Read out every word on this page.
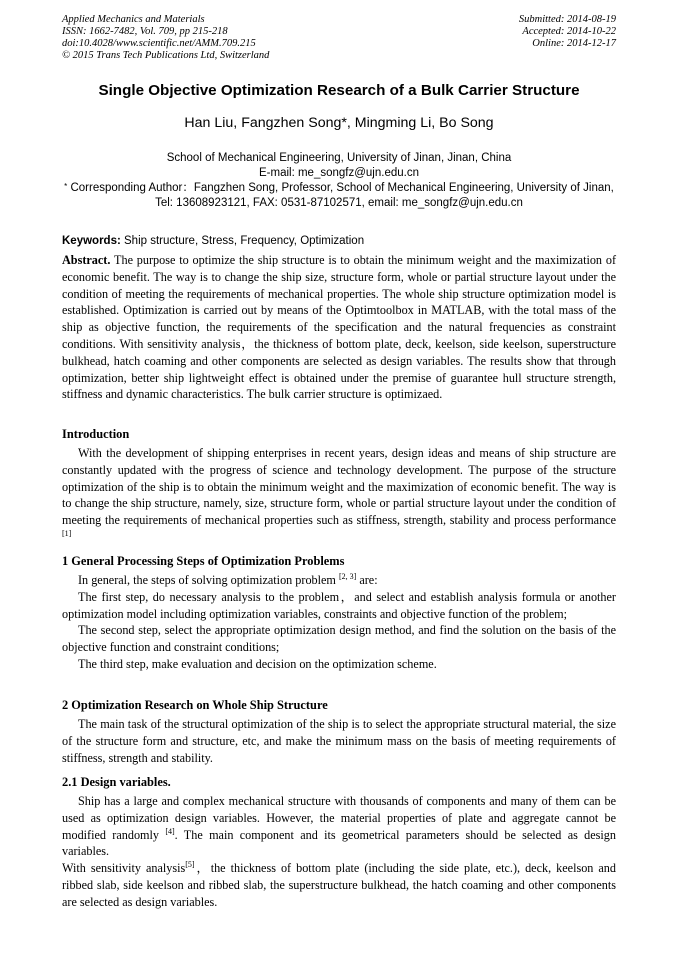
Applied Mechanics and Materials
ISSN: 1662-7482, Vol. 709, pp 215-218
doi:10.4028/www.scientific.net/AMM.709.215
© 2015 Trans Tech Publications Ltd, Switzerland
Submitted: 2014-08-19
Accepted: 2014-10-22
Online: 2014-12-17
Single Objective Optimization Research of a Bulk Carrier Structure
Han Liu, Fangzhen Song*, Mingming Li, Bo Song
School of Mechanical Engineering, University of Jinan, Jinan, China
E-mail: me_songfz@ujn.edu.cn
* Corresponding Author：Fangzhen Song, Professor, School of Mechanical Engineering, University of Jinan,
Tel: 13608923121, FAX: 0531-87102571, email: me_songfz@ujn.edu.cn
Keywords: Ship structure, Stress, Frequency, Optimization

Abstract. The purpose to optimize the ship structure is to obtain the minimum weight and the maximization of economic benefit. The way is to change the ship size, structure form, whole or partial structure layout under the condition of meeting the requirements of mechanical properties. The whole ship structure optimization model is established. Optimization is carried out by means of the Optimtoolbox in MATLAB, with the total mass of the ship as objective function, the requirements of the specification and the natural frequencies as constraint conditions. With sensitivity analysis，the thickness of bottom plate, deck, keelson, side keelson, superstructure bulkhead, hatch coaming and other components are selected as design variables. The results show that through optimization, better ship lightweight effect is obtained under the premise of guarantee hull structure strength, stiffness and dynamic characteristics. The bulk carrier structure is optimizaed.

Introduction

With the development of shipping enterprises in recent years, design ideas and means of ship structure are constantly updated with the progress of science and technology development. The purpose of the structure optimization of the ship is to obtain the minimum weight and the maximization of economic benefit. The way is to change the ship structure, namely, size, structure form, whole or partial structure layout under the condition of meeting the requirements of mechanical properties such as stiffness, strength, stability and process performance [1]

1 General Processing Steps of Optimization Problems

In general, the steps of solving optimization problem [2, 3] are:

The first step, do necessary analysis to the problem，and select and establish analysis formula or another optimization model including optimization variables, constraints and objective function of the problem;

The second step, select the appropriate optimization design method, and find the solution on the basis of the objective function and constraint conditions;

The third step, make evaluation and decision on the optimization scheme.

2 Optimization Research on Whole Ship Structure

The main task of the structural optimization of the ship is to select the appropriate structural material, the size of the structure form and structure, etc, and make the minimum mass on the basis of meeting requirements of stiffness, strength and stability.

2.1 Design variables.

Ship has a large and complex mechanical structure with thousands of components and many of them can be used as optimization design variables. However, the material properties of plate and aggregate cannot be modified randomly [4]. The main component and its geometrical parameters should be selected as design variables.

With sensitivity analysis[5]，the thickness of bottom plate (including the side plate, etc.), deck, keelson and ribbed slab, side keelson and ribbed slab, the superstructure bulkhead, the hatch coaming and other components are selected as design variables.
